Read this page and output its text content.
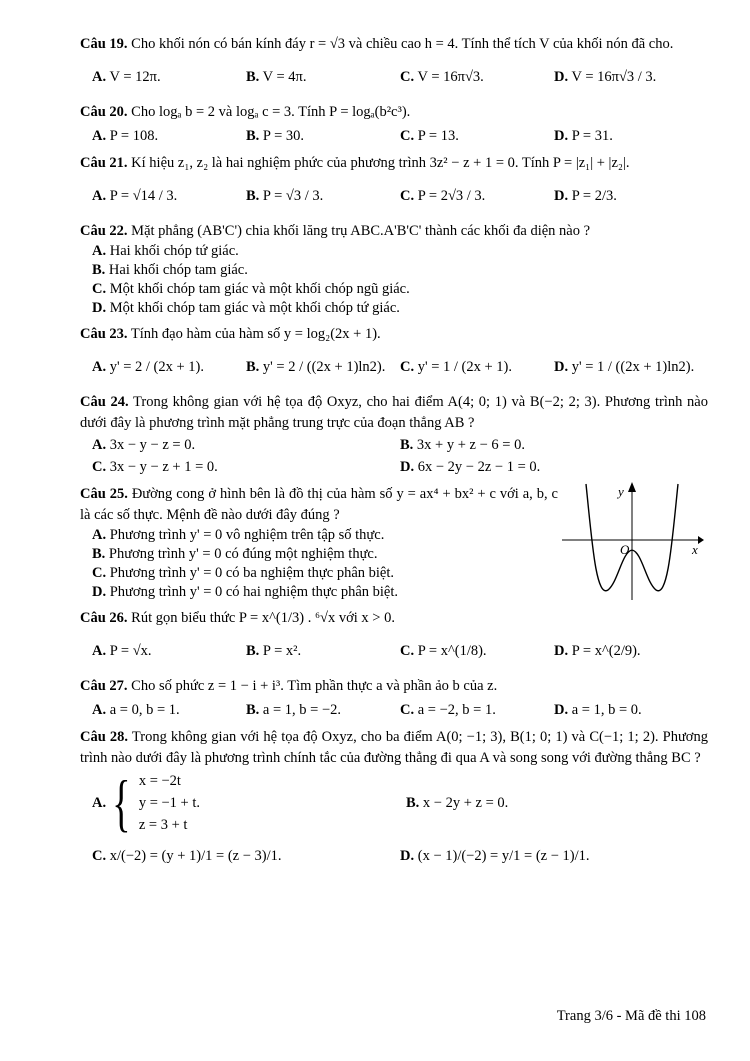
Câu 19. Cho khối nón có bán kính đáy r = √3 và chiều cao h = 4. Tính thể tích V của khối nón đã cho.
A. V = 12π.	B. V = 4π.	C. V = 16π√3.	D. V = 16π√3 / 3.
Câu 20. Cho logₐ b = 2 và logₐ c = 3. Tính P = logₐ(b²c³).
A. P = 108.	B. P = 30.	C. P = 13.	D. P = 31.
Câu 21. Kí hiệu z₁, z₂ là hai nghiệm phức của phương trình 3z² − z + 1 = 0. Tính P = |z₁| + |z₂|.
A. P = √14 / 3.	B. P = √3 / 3.	C. P = 2√3 / 3.	D. P = 2/3.
Câu 22. Mặt phẳng (AB'C') chia khối lăng trụ ABC.A'B'C' thành các khối đa diện nào ?
A. Hai khối chóp tứ giác.
B. Hai khối chóp tam giác.
C. Một khối chóp tam giác và một khối chóp ngũ giác.
D. Một khối chóp tam giác và một khối chóp tứ giác.
Câu 23. Tính đạo hàm của hàm số y = log₂(2x + 1).
A. y' = 2 / (2x + 1).	B. y' = 2 / ((2x + 1)ln2).	C. y' = 1 / (2x + 1).	D. y' = 1 / ((2x + 1)ln2).
Câu 24. Trong không gian với hệ tọa độ Oxyz, cho hai điểm A(4; 0; 1) và B(−2; 2; 3). Phương trình nào dưới đây là phương trình mặt phẳng trung trực của đoạn thẳng AB ?
A. 3x − y − z = 0.	B. 3x + y + z − 6 = 0.
C. 3x − y − z + 1 = 0.	D. 6x − 2y − 2z − 1 = 0.
Câu 25. Đường cong ở hình bên là đồ thị của hàm số y = ax⁴ + bx² + c với a, b, c là các số thực. Mệnh đề nào dưới đây đúng ?
A. Phương trình y' = 0 vô nghiệm trên tập số thực.
B. Phương trình y' = 0 có đúng một nghiệm thực.
C. Phương trình y' = 0 có ba nghiệm thực phân biệt.
D. Phương trình y' = 0 có hai nghiệm thực phân biệt.
y
x
O
Câu 26. Rút gọn biểu thức P = x^(1/3) . ⁶√x với x > 0.
A. P = √x.	B. P = x².	C. P = x^(1/8).	D. P = x^(2/9).
Câu 27. Cho số phức z = 1 − i + i³. Tìm phần thực a và phần ảo b của z.
A. a = 0, b = 1.	B. a = 1, b = −2.	C. a = −2, b = 1.	D. a = 1, b = 0.
Câu 28. Trong không gian với hệ tọa độ Oxyz, cho ba điểm A(0; −1; 3), B(1; 0; 1) và C(−1; 1; 2). Phương trình nào dưới đây là phương trình chính tắc của đường thẳng đi qua A và song song với đường thẳng BC ?
A. { x = −2t
y = −1 + t.
z = 3 + t
B. x − 2y + z = 0.
C. x/(−2) = (y + 1)/1 = (z − 3)/1.	D. (x − 1)/(−2) = y/1 = (z − 1)/1.
Trang 3/6 - Mã đề thi 108
